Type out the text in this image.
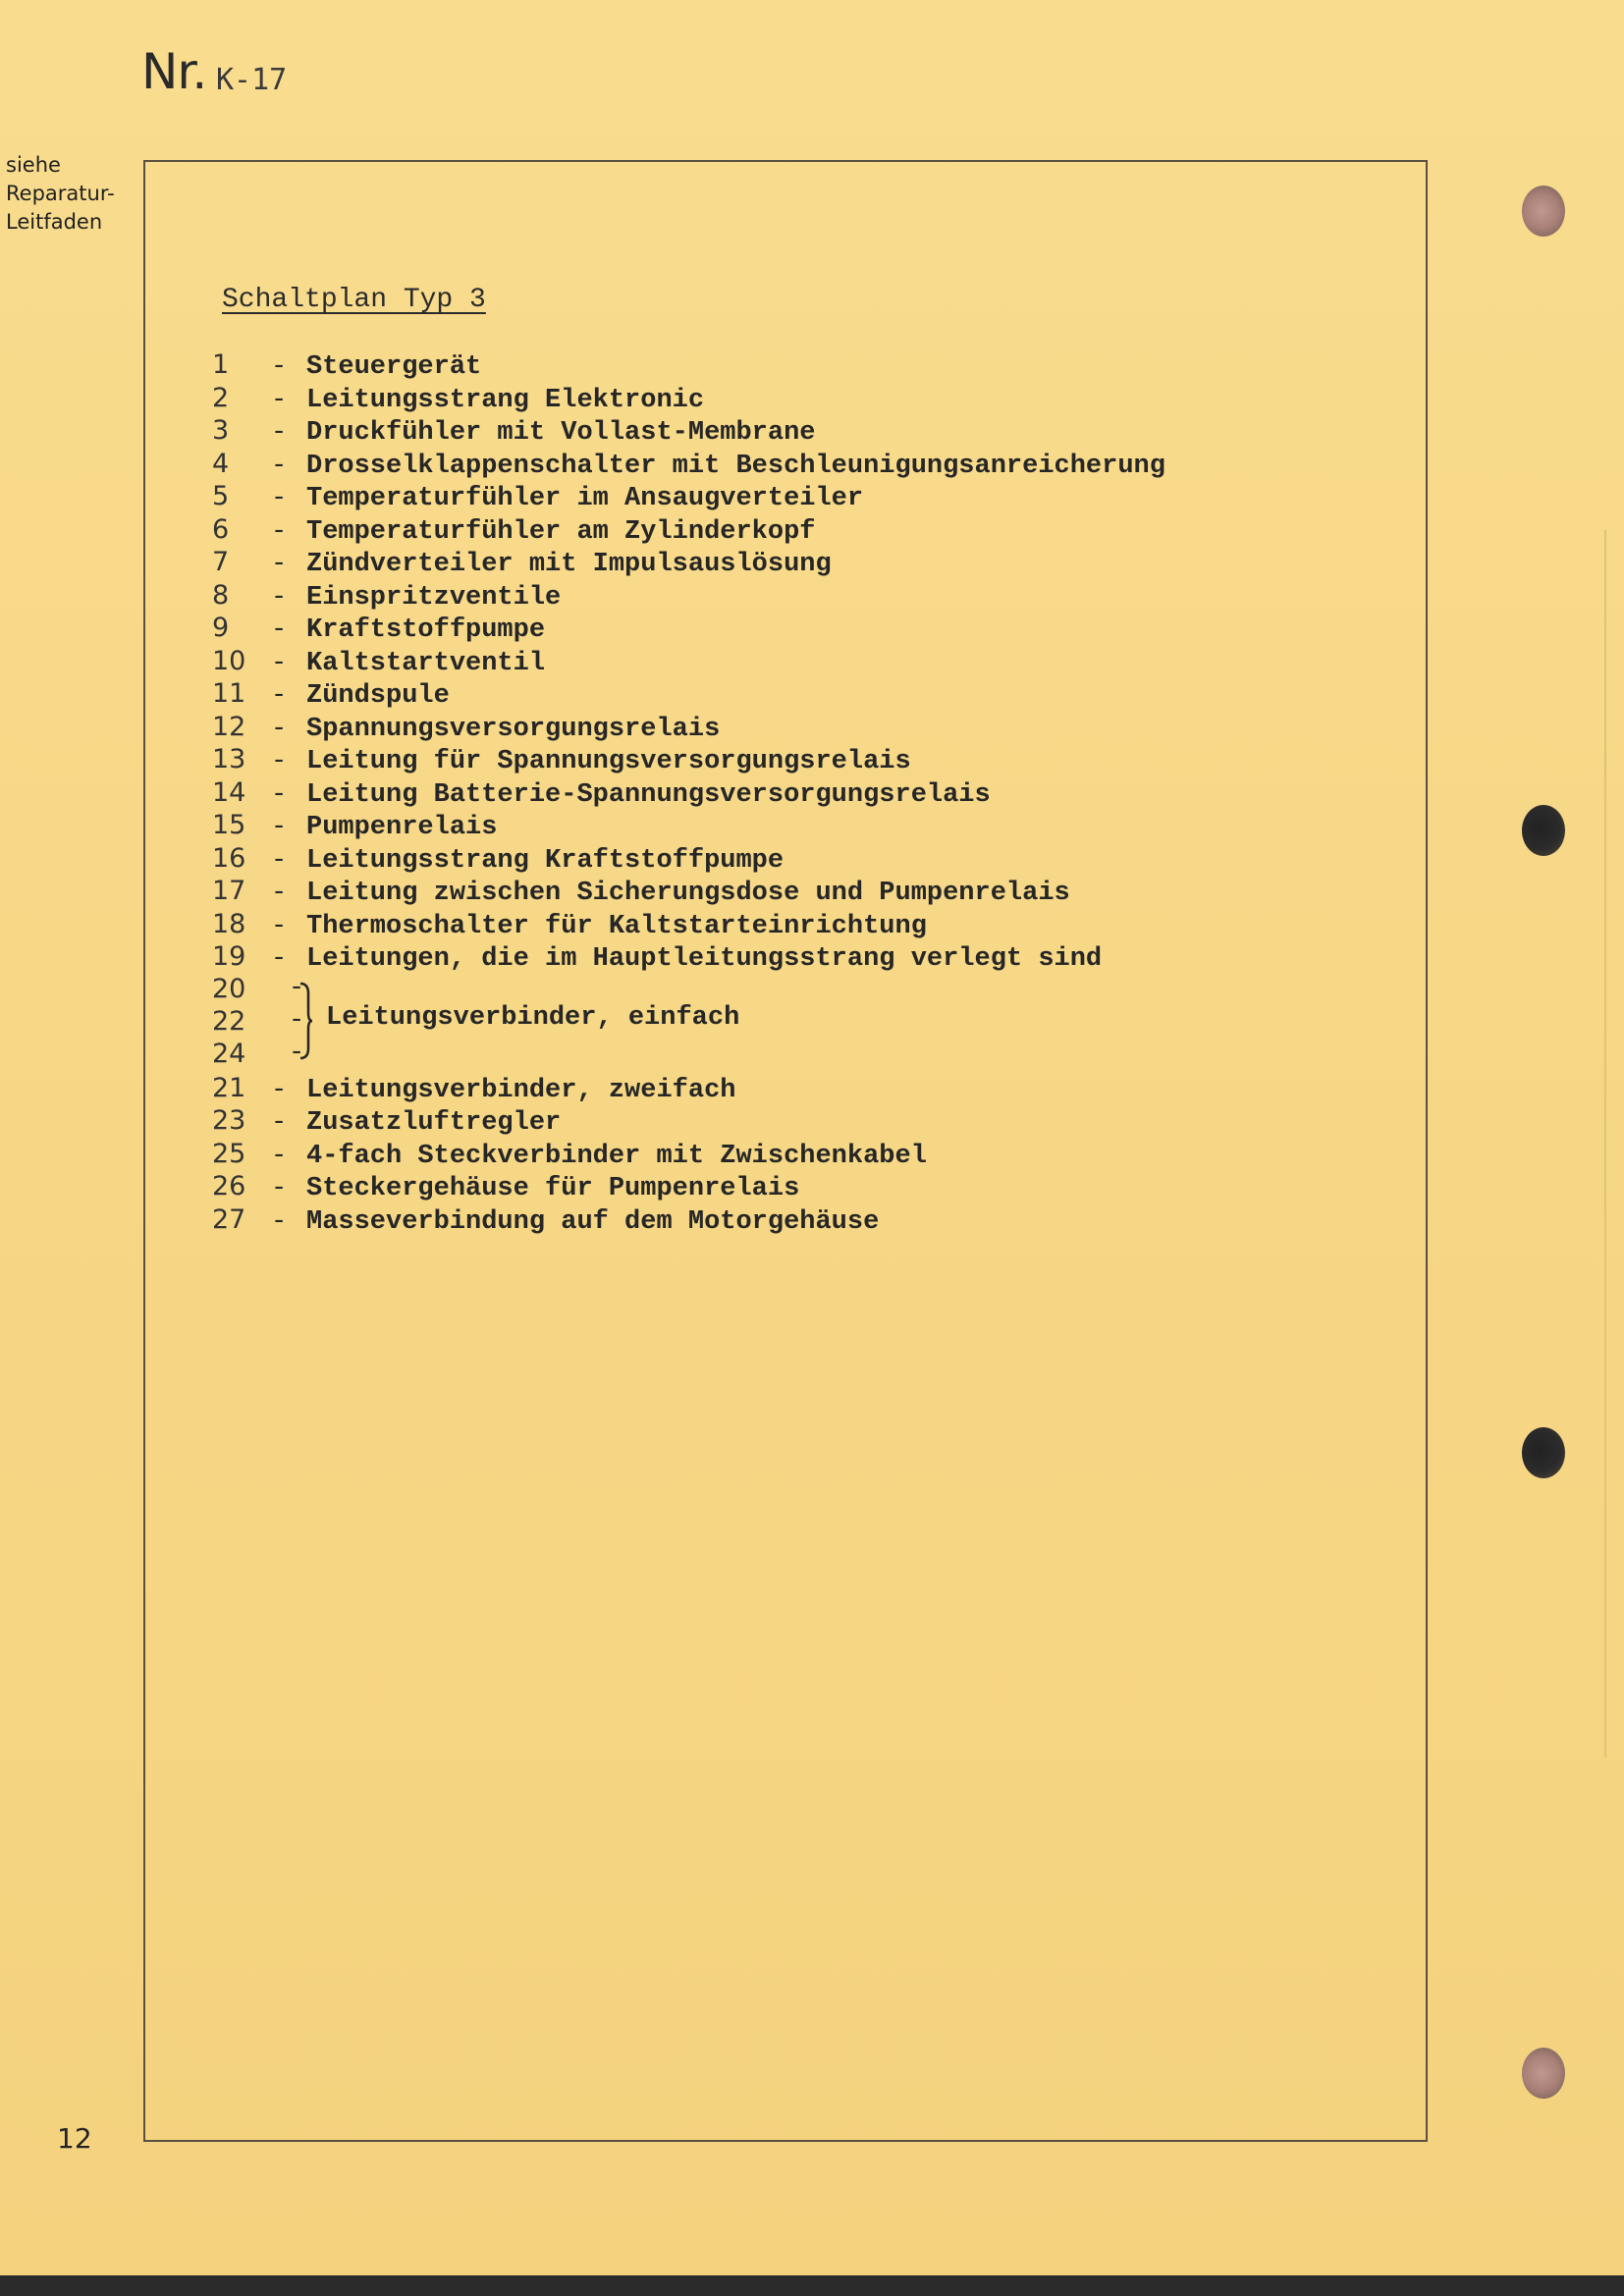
Nr. K-17
siehe
Reparatur-
Leitfaden
Schaltplan Typ 3
1 - Steuergerät
2 - Leitungsstrang Elektronic
3 - Druckfühler mit Vollast-Membrane
4 - Drosselklappenschalter mit Beschleunigungsanreicherung
5 - Temperaturfühler im Ansaugverteiler
6 - Temperaturfühler am Zylinderkopf
7 - Zündverteiler mit Impulsauslösung
8 - Einspritzventile
9 - Kraftstoffpumpe
10 - Kaltstartventil
11 - Zündspule
12 - Spannungsversorgungsrelais
13 - Leitung für Spannungsversorgungsrelais
14 - Leitung Batterie-Spannungsversorgungsrelais
15 - Pumpenrelais
16 - Leitungsstrang Kraftstoffpumpe
17 - Leitung zwischen Sicherungsdose und Pumpenrelais
18 - Thermoschalter für Kaltstarteinrichtung
19 - Leitungen, die im Hauptleitungsstrang verlegt sind
20
22
24
-
-
-
Leitungsverbinder, einfach
21 - Leitungsverbinder, zweifach
23 - Zusatzluftregler
25 - 4-fach Steckverbinder mit Zwischenkabel
26 - Steckergehäuse für Pumpenrelais
27 - Masseverbindung auf dem Motorgehäuse
12
